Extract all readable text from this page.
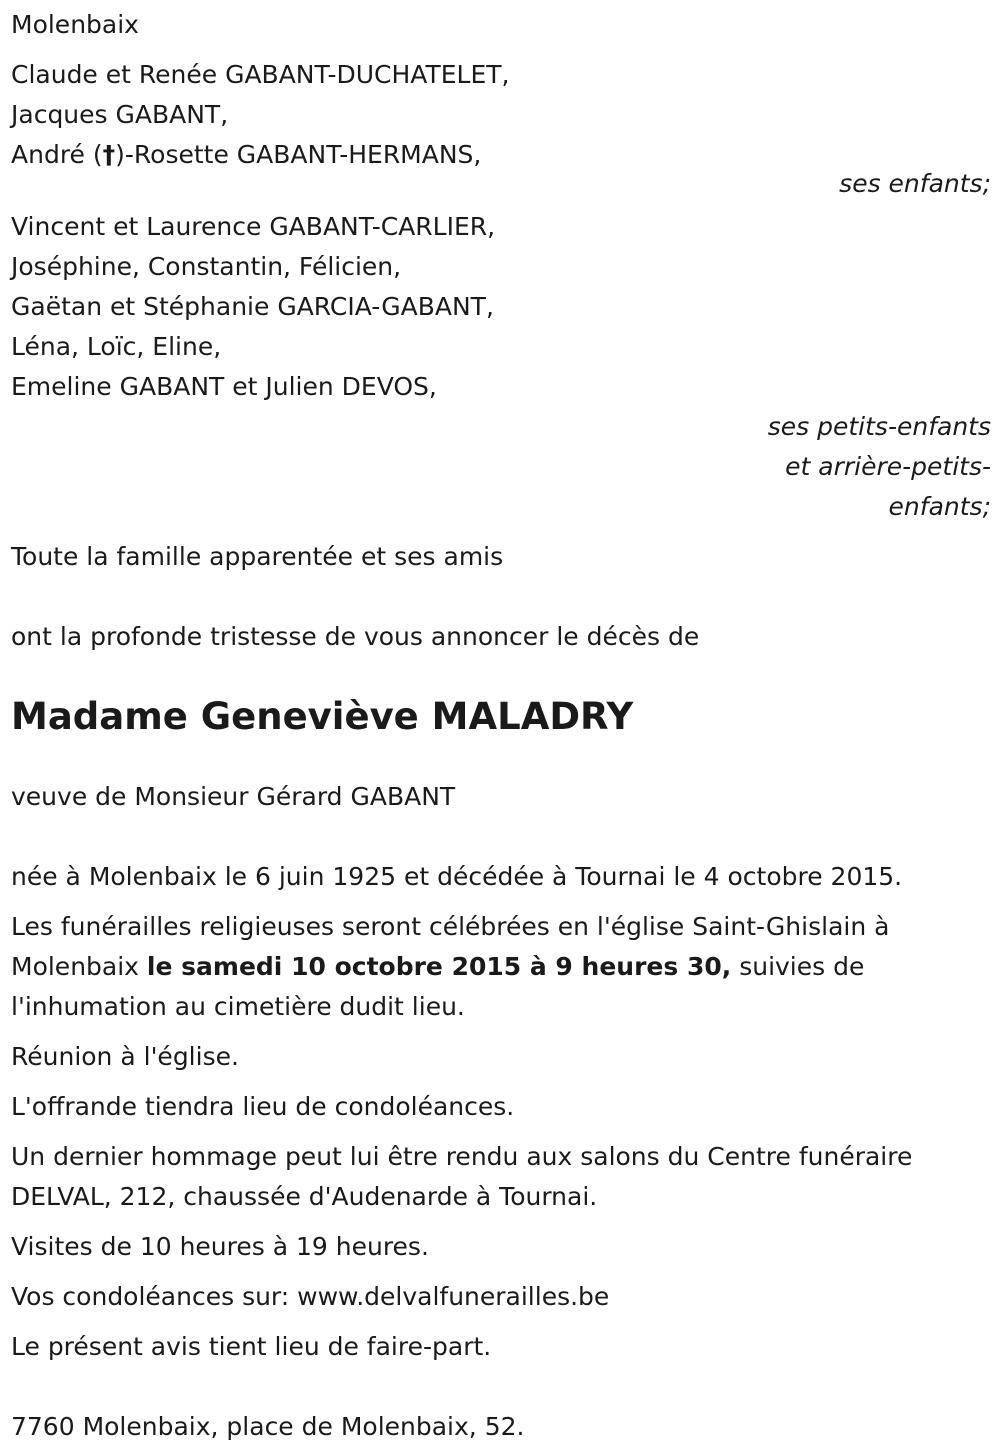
Molenbaix
Claude et Renée GABANT-DUCHATELET,
Jacques GABANT,
André (†)-Rosette GABANT-HERMANS,
ses enfants;
Vincent et Laurence GABANT-CARLIER,
Joséphine, Constantin, Félicien,
Gaëtan et Stéphanie GARCIA-GABANT,
Léna, Loïc, Eline,
Emeline GABANT et Julien DEVOS,
ses petits-enfants
et arrière-petits-
enfants;
Toute la famille apparentée et ses amis
ont la profonde tristesse de vous annoncer le décès de
Madame Geneviève MALADRY
veuve de Monsieur Gérard GABANT
née à Molenbaix le 6 juin 1925 et décédée à Tournai le 4 octobre 2015.
Les funérailles religieuses seront célébrées en l'église Saint-Ghislain à
Molenbaix le samedi 10 octobre 2015 à 9 heures 30, suivies de
l'inhumation au cimetière dudit lieu.
Réunion à l'église.
L'offrande tiendra lieu de condoléances.
Un dernier hommage peut lui être rendu aux salons du Centre funéraire
DELVAL, 212, chaussée d'Audenarde à Tournai.
Visites de 10 heures à 19 heures.
Vos condoléances sur: www.delvalfunerailles.be
Le présent avis tient lieu de faire-part.
7760 Molenbaix, place de Molenbaix, 52.
